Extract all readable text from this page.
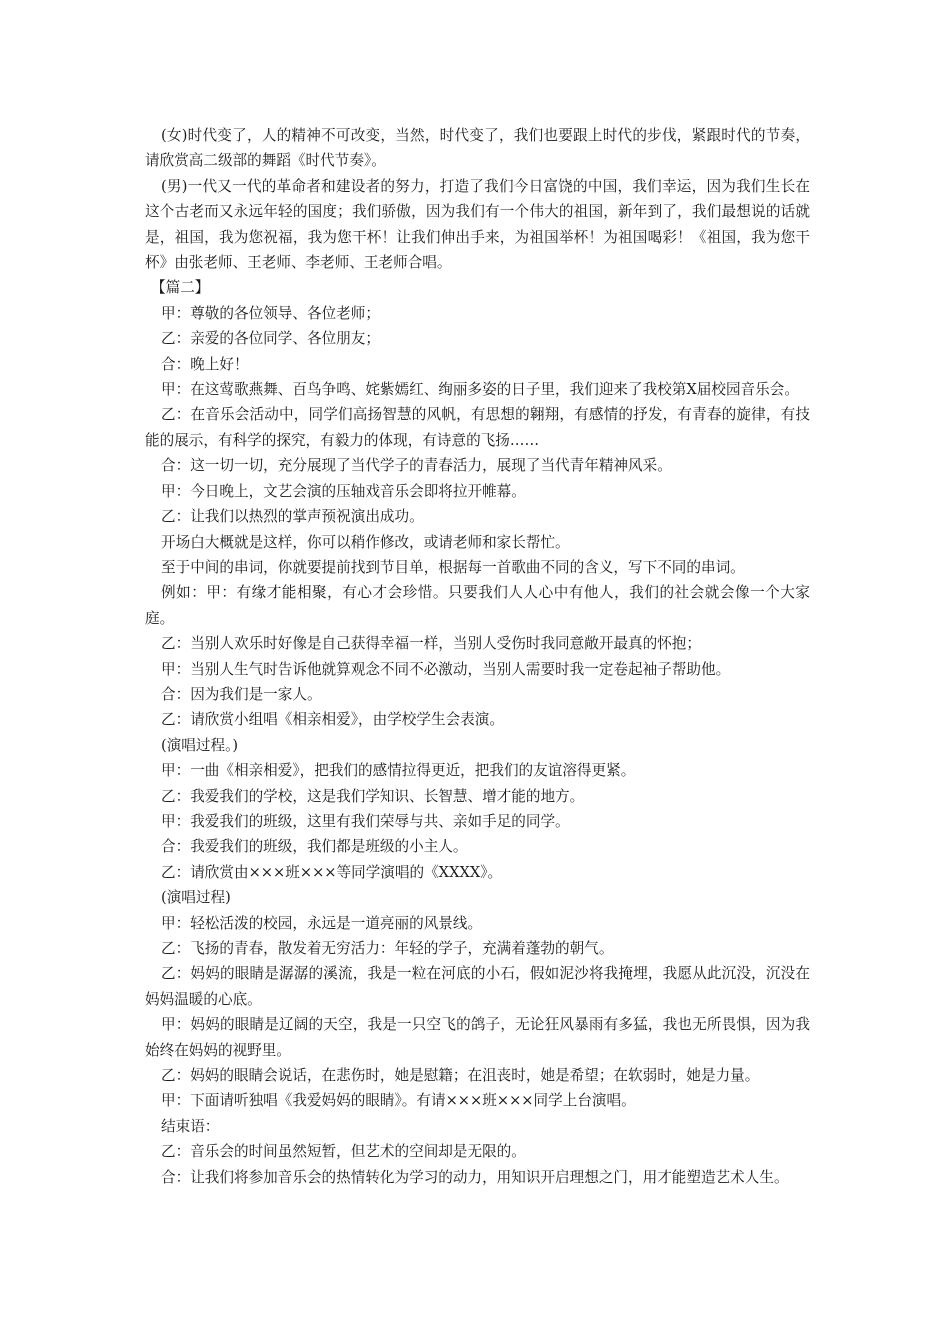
(女)时代变了，人的精神不可改变，当然，时代变了，我们也要跟上时代的步伐，紧跟时代的节奏，请欣赏高二级部的舞蹈《时代节奏》。

(男)一代又一代的革命者和建设者的努力，打造了我们今日富饶的中国，我们幸运，因为我们生长在这个古老而又永远年轻的国度；我们骄傲，因为我们有一个伟大的祖国，新年到了，我们最想说的话就是，祖国，我为您祝福，我为您干杯！让我们伸出手来，为祖国举杯！为祖国喝彩！《祖国，我为您干杯》由张老师、王老师、李老师、王老师合唱。

【篇二】

甲：尊敬的各位领导、各位老师；

乙：亲爱的各位同学、各位朋友；

合：晚上好！

甲：在这莺歌燕舞、百鸟争鸣、姹紫嫣红、绚丽多姿的日子里，我们迎来了我校第X届校园音乐会。

乙：在音乐会活动中，同学们高扬智慧的风帆，有思想的翱翔，有感情的抒发，有青春的旋律，有技能的展示，有科学的探究，有毅力的体现，有诗意的飞扬……

合：这一切一切，充分展现了当代学子的青春活力，展现了当代青年精神风采。

甲：今日晚上，文艺会演的压轴戏音乐会即将拉开帷幕。

乙：让我们以热烈的掌声预祝演出成功。

开场白大概就是这样，你可以稍作修改，或请老师和家长帮忙。

至于中间的串词，你就要提前找到节目单，根据每一首歌曲不同的含义，写下不同的串词。

例如：甲：有缘才能相聚，有心才会珍惜。只要我们人人心中有他人，我们的社会就会像一个大家庭。

乙：当别人欢乐时好像是自己获得幸福一样，当别人受伤时我同意敞开最真的怀抱；

甲：当别人生气时告诉他就算观念不同不必激动，当别人需要时我一定卷起袖子帮助他。

合：因为我们是一家人。

乙：请欣赏小组唱《相亲相爱》，由学校学生会表演。

(演唱过程。)

甲：一曲《相亲相爱》，把我们的感情拉得更近，把我们的友谊溶得更紧。

乙：我爱我们的学校，这是我们学知识、长智慧、增才能的地方。

甲：我爱我们的班级，这里有我们荣辱与共、亲如手足的同学。

合：我爱我们的班级，我们都是班级的小主人。

乙：请欣赏由×××班×××等同学演唱的《XXXX》。

(演唱过程)

甲：轻松活泼的校园，永远是一道亮丽的风景线。

乙：飞扬的青春，散发着无穷活力：年轻的学子，充满着蓬勃的朝气。

乙：妈妈的眼睛是潺潺的溪流，我是一粒在河底的小石，假如泥沙将我掩埋，我愿从此沉没，沉没在妈妈温暖的心底。

甲：妈妈的眼睛是辽阔的天空，我是一只空飞的鸽子，无论狂风暴雨有多猛，我也无所畏惧，因为我始终在妈妈的视野里。

乙：妈妈的眼睛会说话，在悲伤时，她是慰籍；在沮丧时，她是希望；在软弱时，她是力量。

甲：下面请听独唱《我爱妈妈的眼睛》。有请×××班×××同学上台演唱。

结束语：

乙：音乐会的时间虽然短暂，但艺术的空间却是无限的。

合：让我们将参加音乐会的热情转化为学习的动力，用知识开启理想之门，用才能塑造艺术人生。
